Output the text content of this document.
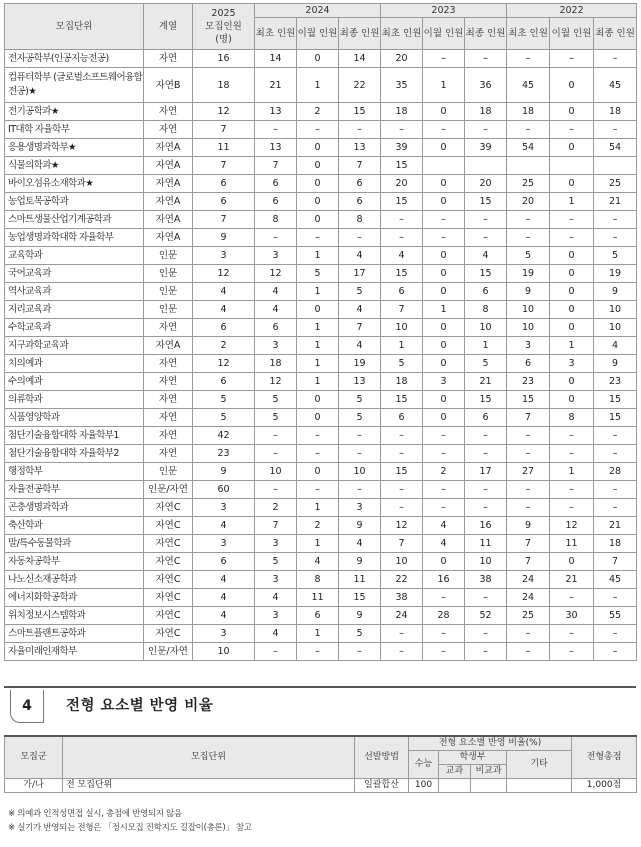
모집단위	계열	2025
모집인원 (명)	2024			2023			2022		
			최초 인원	이월 인원	최종 인원	최초 인원	이월 인원	최종 인원	최초 인원	이월 인원	최종 인원
전자공학부(인공지능전공)	자연	16	14	0	14	20	–	–	–	–	–
컴퓨터학부 (글로벌소프트웨어융합전공)★	자연B	18	21	1	22	35	1	36	45	0	45
전기공학과★	자연	12	13	2	15	18	0	18	18	0	18
IT대학 자율학부	자연	7	–	–	–	–	–	–	–	–	–
응용생명과학부★	자연A	11	13	0	13	39	0	39	54	0	54
식물의학과★	자연A	7	7	0	7	15					
바이오섬유소재학과★	자연A	6	6	0	6	20	0	20	25	0	25
농업토목공학과	자연A	6	6	0	6	15	0	15	20	1	21
스마트생물산업기계공학과	자연A	7	8	0	8	–	–	–	–	–	–
농업생명과학대학 자율학부	자연A	9	–	–	–	–	–	–	–	–	–
교육학과	인문	3	3	1	4	4	0	4	5	0	5
국어교육과	인문	12	12	5	17	15	0	15	19	0	19
역사교육과	인문	4	4	1	5	6	0	6	9	0	9
지리교육과	인문	4	4	0	4	7	1	8	10	0	10
수학교육과	자연	6	6	1	7	10	0	10	10	0	10
지구과학교육과	자연A	2	3	1	4	1	0	1	3	1	4
치의예과	자연	12	18	1	19	5	0	5	6	3	9
수의예과	자연	6	12	1	13	18	3	21	23	0	23
의류학과	자연	5	5	0	5	15	0	15	15	0	15
식품영양학과	자연	5	5	0	5	6	0	6	7	8	15
첨단기술융합대학 자율학부1	자연	42	–	–	–	–	–	–	–	–	–
첨단기술융합대학 자율학부2	자연	23	–	–	–	–	–	–	–	–	–
행정학부	인문	9	10	0	10	15	2	17	27	1	28
자율전공학부	인문/자연	60	–	–	–	–	–	–	–	–	–
곤충생명과학과	자연C	3	2	1	3	–	–	–	–	–	–
축산학과	자연C	4	7	2	9	12	4	16	9	12	21
말/특수동물학과	자연C	3	3	1	4	7	4	11	7	11	18
자동차공학부	자연C	6	5	4	9	10	0	10	7	0	7
나노신소재공학과	자연C	4	3	8	11	22	16	38	24	21	45
에너지화학공학과	자연C	4	4	11	15	38	–	–	24	–	–
위치정보시스템학과	자연C	4	3	6	9	24	28	52	25	30	55
스마트플랜트공학과	자연C	3	4	1	5	–	–	–	–	–	–
자율미래인재학부	인문/자연	10	–	–	–	–	–	–	–	–	–
4	전형 요소별 반영 비율
모집군	모집단위	선발방법	전형 요소별 반영 비율(%)				전형총점
			수능	학생부		기타	
				교과	비교과		
가/나	전 모집단위	일괄합산	100				1,000점
※ 의예과 인적성면접 실시, 총점에 반영되지 않음
※ 실기가 반영되는 전형은 「정시모집 진학지도 길잡이(총론)」 참고
